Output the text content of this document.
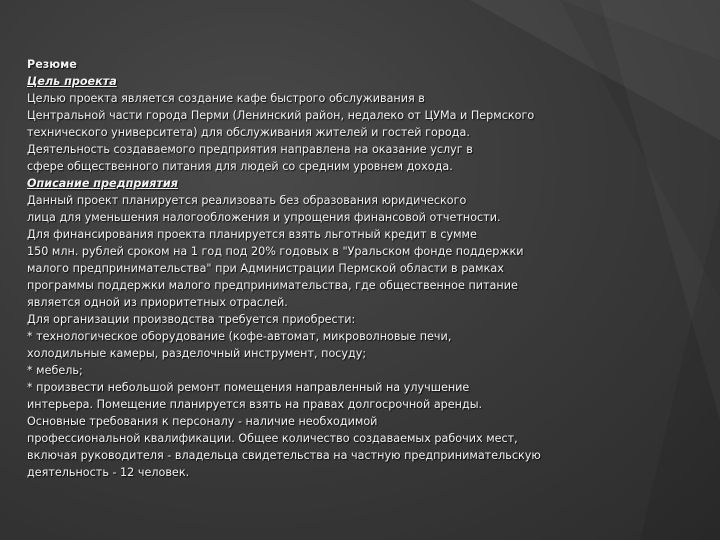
Резюме
Цель проекта
Целью проекта является создание кафе быстрого обслуживания в
Центральной части города Перми (Ленинский район, недалеко от ЦУМа и Пермского
технического университета) для обслуживания жителей и гостей города.
Деятельность создаваемого предприятия направлена на оказание услуг в
сфере общественного питания для людей со средним уровнем дохода.
Описание предприятия
Данный проект планируется реализовать без образования юридического
лица для уменьшения налогообложения и упрощения финансовой отчетности.
Для финансирования проекта планируется взять льготный кредит в сумме
150 млн. рублей сроком на 1 год под 20% годовых в "Уральском фонде поддержки
малого предпринимательства" при Администрации Пермской области в рамках
программы поддержки малого предпринимательства, где общественное питание
является одной из приоритетных отраслей.
Для организации производства требуется приобрести:
* технологическое оборудование (кофе-автомат, микроволновые печи,
холодильные камеры, разделочный инструмент, посуду;
* мебель;
* произвести небольшой ремонт помещения направленный на улучшение
интерьера. Помещение планируется взять на правах долгосрочной аренды.
Основные требования к персоналу - наличие необходимой
профессиональной квалификации. Общее количество создаваемых рабочих мест,
включая руководителя - владельца свидетельства на частную предпринимательскую
деятельность - 12 человек.
